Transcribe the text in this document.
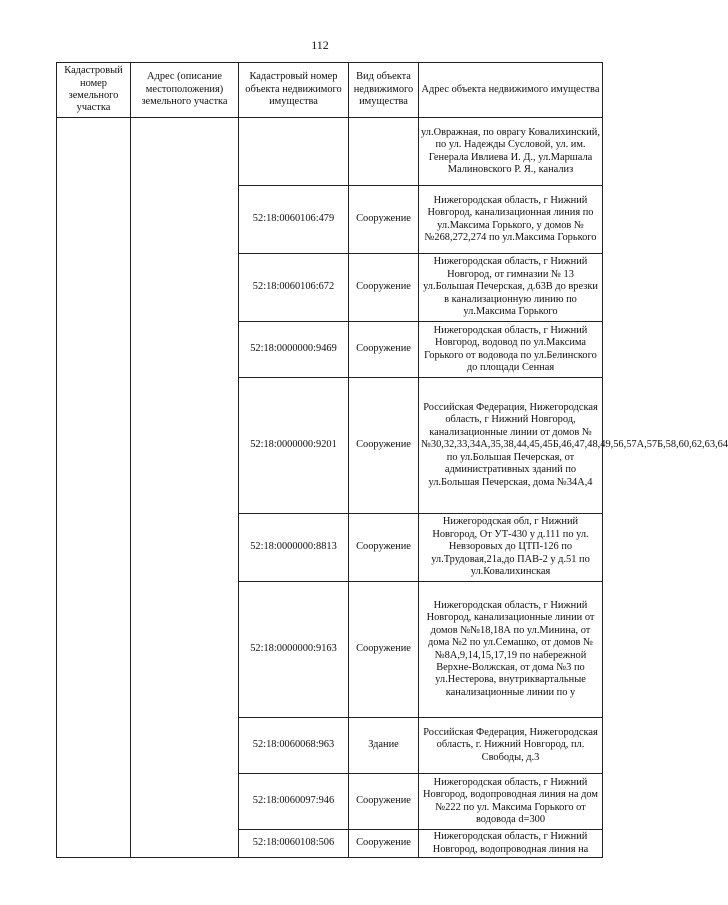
112
Кадастровый номер земельного участка	Адрес (описание местоположения) земельного участка	Кадастровый номер объекта недвижимого имущества	Вид объекта недвижимого имущества	Адрес объекта недвижимого имущества
				ул.Овражная, по оврагу Ковалихинский, по ул. Надежды Сусловой, ул. им. Генерала Ивлиева И. Д., ул.Маршала Малиновского Р. Я., канализ
		52:18:0060106:479	Сооружение	Нижегородская область, г Нижний Новгород, канализационная линия по ул.Максима Горького, у домов №№268,272,274 по ул.Максима Горького
		52:18:0060106:672	Сооружение	Нижегородская область, г Нижний Новгород, от гимназии № 13 ул.Большая Печерская, д.63В до врезки в канализационную линию по ул.Максима Горького
		52:18:0000000:9469	Сооружение	Нижегородская область, г Нижний Новгород, водовод по ул.Максима Горького от водовода по ул.Белинского до площади Сенная
		52:18:0000000:9201	Сооружение	Российская Федерация, Нижегородская область, г Нижний Новгород, канализационные линии от домов №№30,32,33,34А,35,38,44,45,45Б,46,47,48,49,56,57А,57Б,58,60,62,63,64 по ул.Большая Печерская, от административных зданий по ул.Большая Печерская, дома №34А,4
		52:18:0000000:8813	Сооружение	Нижегородская обл, г Нижний Новгород, От УТ-430 у д.111 по ул. Невзоровых до ЦТП-126 по ул.Трудовая,21а,до ПАВ-2 у д.51 по ул.Ковалихинская
		52:18:0000000:9163	Сооружение	Нижегородская область, г Нижний Новгород, канализационные линии от домов №№18,18А по ул.Минина, от дома №2 по ул.Семашко, от домов №№8А,9,14,15,17,19 по набережной Верхне-Волжская, от дома №3 по ул.Нестерова, внутриквартальные канализационные линии по у
		52:18:0060068:963	Здание	Российская Федерация, Нижегородская область, г. Нижний Новгород, пл. Свободы, д.3
		52:18:0060097:946	Сооружение	Нижегородская область, г Нижний Новгород, водопроводная линия на дом №222 по ул. Максима Горького от водовода d=300
		52:18:0060108:506	Сооружение	Нижегородская область, г Нижний Новгород, водопроводная линия на
